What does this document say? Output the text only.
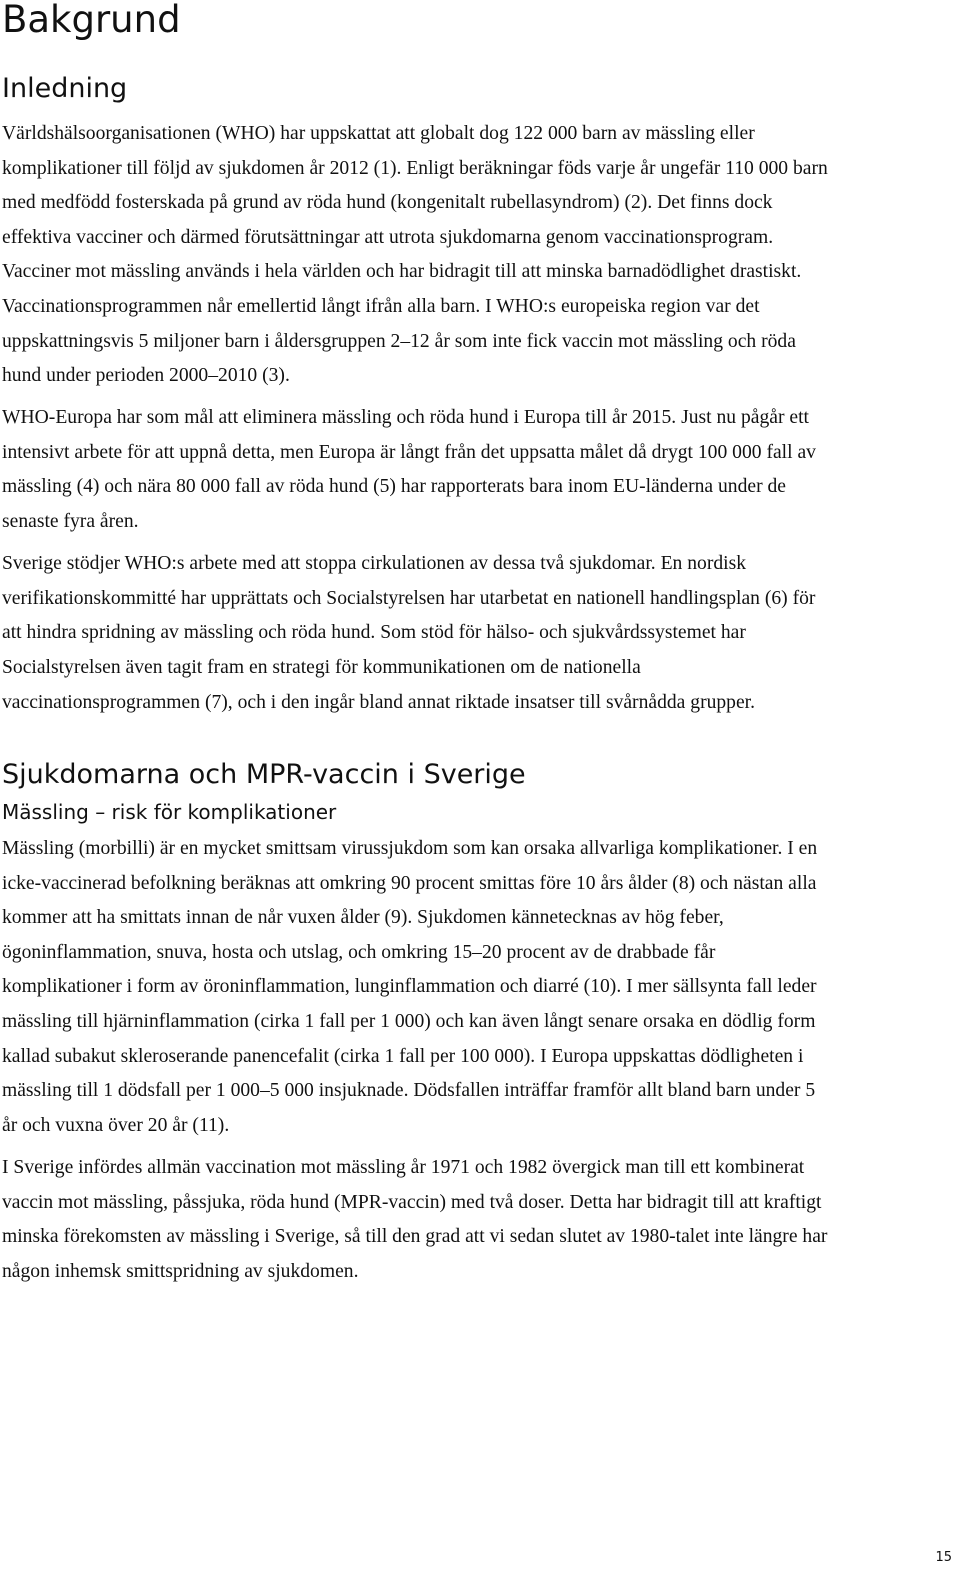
Bakgrund
Inledning

Världshälsoorganisationen (WHO) har uppskattat att globalt dog 122 000 barn av mässling eller komplikationer till följd av sjukdomen år 2012 (1). Enligt beräkningar föds varje år ungefär 110 000 barn med medfödd fosterskada på grund av röda hund (kongenitalt rubellasyndrom) (2). Det finns dock effektiva vacciner och därmed förutsättningar att utrota sjukdomarna genom vaccinationsprogram. Vacciner mot mässling används i hela världen och har bidragit till att minska barnadödlighet drastiskt. Vaccinationsprogrammen når emellertid långt ifrån alla barn. I WHO:s europeiska region var det uppskattningsvis 5 miljoner barn i åldersgruppen 2–12 år som inte fick vaccin mot mässling och röda hund under perioden 2000–2010 (3).

WHO-Europa har som mål att eliminera mässling och röda hund i Europa till år 2015. Just nu pågår ett intensivt arbete för att uppnå detta, men Europa är långt från det uppsatta målet då drygt 100 000 fall av mässling (4) och nära 80 000 fall av röda hund (5) har rapporterats bara inom EU-länderna under de senaste fyra åren.

Sverige stödjer WHO:s arbete med att stoppa cirkulationen av dessa två sjukdomar. En nordisk verifikationskommitté har upprättats och Socialstyrelsen har utarbetat en nationell handlingsplan (6) för att hindra spridning av mässling och röda hund. Som stöd för hälso- och sjukvårdssystemet har Socialstyrelsen även tagit fram en strategi för kommunikationen om de nationella vaccinationsprogrammen (7), och i den ingår bland annat riktade insatser till svårnådda grupper.

Sjukdomarna och MPR-vaccin i Sverige
Mässling – risk för komplikationer

Mässling (morbilli) är en mycket smittsam virussjukdom som kan orsaka allvarliga komplikationer. I en icke-vaccinerad befolkning beräknas att omkring 90 procent smittas före 10 års ålder (8) och nästan alla kommer att ha smittats innan de når vuxen ålder (9). Sjukdomen kännetecknas av hög feber, ögoninflammation, snuva, hosta och utslag, och omkring 15–20 procent av de drabbade får komplikationer i form av öroninflammation, lunginflammation och diarré (10). I mer sällsynta fall leder mässling till hjärninflammation (cirka 1 fall per 1 000) och kan även långt senare orsaka en dödlig form kallad subakut skleroserande panencefalit (cirka 1 fall per 100 000). I Europa uppskattas dödligheten i mässling till 1 dödsfall per 1 000–5 000 insjuknade. Dödsfallen inträffar framför allt bland barn under 5 år och vuxna över 20 år (11).

I Sverige infördes allmän vaccination mot mässling år 1971 och 1982 övergick man till ett kombinerat vaccin mot mässling, påssjuka, röda hund (MPR-vaccin) med två doser. Detta har bidragit till att kraftigt minska förekomsten av mässling i Sverige, så till den grad att vi sedan slutet av 1980-talet inte längre har någon inhemsk smittspridning av sjukdomen.

15
